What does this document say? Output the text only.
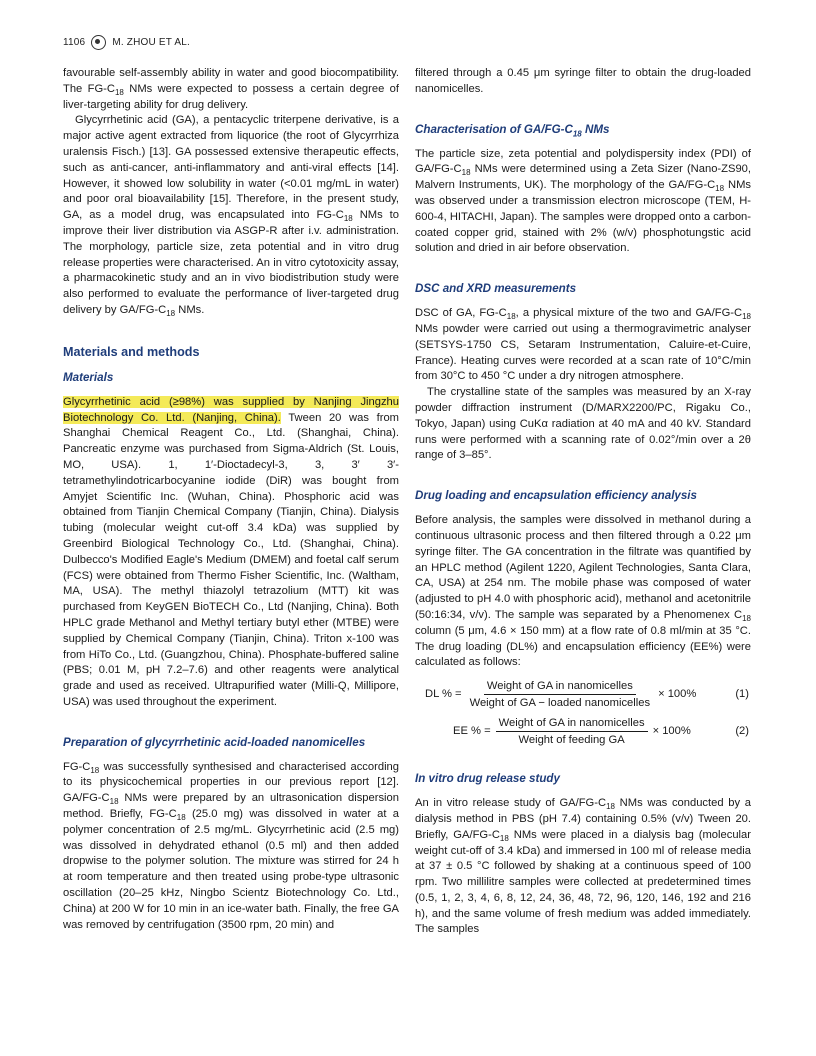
1106	M. ZHOU ET AL.

favourable self-assembly ability in water and good biocompatibility. The $FG-C_{18}$ NMs were expected to possess a certain degree of liver-targeting ability for drug delivery.

Glycyrrhetinic acid (GA), a pentacyclic triterpene derivative, is a major active agent extracted from liquorice (the root of Glycyrrhiza uralensis Fisch.) [13]. GA possessed extensive therapeutic effects, such as anti-cancer, anti-inflammatory and anti-viral effects [14]. However, it showed low solubility in water (<0.01 mg/mL in water) and poor oral bioavailability [15]. Therefore, in the present study, GA, as a model drug, was encapsulated into $FG-C_{18}$ NMs to improve their liver distribution via ASGP-R after i.v. administration. The morphology, particle size, zeta potential and in vitro drug release properties were characterised. An in vitro cytotoxicity assay, a pharmacokinetic study and an in vivo biodistribution study were also performed to evaluate the performance of liver-targeted drug delivery by $GA/FG-C_{18}$ NMs.

Materials and methods
Materials

Glycyrrhetinic acid (≥98%) was supplied by Nanjing Jingzhu Biotechnology Co. Ltd. (Nanjing, China). Tween 20 was from Shanghai Chemical Reagent Co., Ltd. (Shanghai, China). Pancreatic enzyme was purchased from Sigma-Aldrich (St. Louis, MO, USA). 1, 1′-Dioctadecyl-3, 3, 3′ 3′-tetramethylindotricarbocyanine iodide (DiR) was bought from Amyjet Scientific Inc. (Wuhan, China). Phosphoric acid was obtained from Tianjin Chemical Company (Tianjin, China). Dialysis tubing (molecular weight cut-off 3.4 kDa) was supplied by Greenbird Biological Technology Co., Ltd. (Shanghai, China). Dulbecco's Modified Eagle's Medium (DMEM) and foetal calf serum (FCS) were obtained from Thermo Fisher Scientific, Inc. (Waltham, MA, USA). The methyl thiazolyl tetrazolium (MTT) kit was purchased from KeyGEN BioTECH Co., Ltd (Nanjing, China). Both HPLC grade Methanol and Methyl tertiary butyl ether (MTBE) were supplied by Chemical Company (Tianjin, China). Triton x-100 was from HiTo Co., Ltd. (Guangzhou, China). Phosphate-buffered saline (PBS; 0.01 M, pH 7.2–7.6) and other reagents were analytical grade and used as received. Ultrapurified water (Milli-Q, Millipore, USA) was used throughout the experiment.

Preparation of glycyrrhetinic acid-loaded nanomicelles

$FG-C_{18}$ was successfully synthesised and characterised according to its physicochemical properties in our previous report [12]. $GA/FG-C_{18}$ NMs were prepared by an ultrasonication dispersion method. Briefly, $FG-C_{18}$ (25.0 mg) was dissolved in water at a polymer concentration of 2.5 mg/mL. Glycyrrhetinic acid (2.5 mg) was dissolved in dehydrated ethanol (0.5 ml) and then added dropwise to the polymer solution. The mixture was stirred for 24 h at room temperature and then treated using probe-type ultrasonic oscillation (20–25 kHz, Ningbo Scientz Biotechnology Co. Ltd., China) at 200 W for 10 min in an ice-water bath. Finally, the free GA was removed by centrifugation (3500 rpm, 20 min) and

filtered through a 0.45 μm syringe filter to obtain the drug-loaded nanomicelles.

Characterisation of $GA/FG-C_{18}$ NMs

The particle size, zeta potential and polydispersity index (PDI) of $GA/FG-C_{18}$ NMs were determined using a Zeta Sizer (Nano-ZS90, Malvern Instruments, UK). The morphology of the $GA/FG-C_{18}$ NMs was observed under a transmission electron microscope (TEM, H-600-4, HITACHI, Japan). The samples were dropped onto a carbon-coated copper grid, stained with 2% (w/v) phosphotungstic acid solution and dried in air before observation.

DSC and XRD measurements

DSC of GA, $FG-C_{18}$, a physical mixture of the two and $GA/FG-C_{18}$ NMs powder were carried out using a thermogravimetric analyser (SETSYS-1750 CS, Setaram Instrumentation, Caluire-et-Cuire, France). Heating curves were recorded at a scan rate of 10°C/min from 30°C to 450 °C under a dry nitrogen atmosphere.

The crystalline state of the samples was measured by an X-ray powder diffraction instrument (D/MARX2200/PC, Rigaku Co., Tokyo, Japan) using CuKα radiation at 40 mA and 40 kV. Standard runs were performed with a scanning rate of 0.02°/min over a 2θ range of 3–85°.

Drug loading and encapsulation efficiency analysis

Before analysis, the samples were dissolved in methanol during a continuous ultrasonic process and then filtered through a 0.22 μm syringe filter. The GA concentration in the filtrate was quantified by an HPLC method (Agilent 1220, Agilent Technologies, Santa Clara, CA, USA) at 254 nm. The mobile phase was composed of water (adjusted to pH 4.0 with phosphoric acid), methanol and acetonitrile (50:16:34, v/v). The sample was separated by a Phenomenex $C_{18}$ column (5 μm, 4.6 × 150 mm) at a flow rate of 0.8 ml/min at 35 °C. The drug loading (DL%) and encapsulation efficiency (EE%) were calculated as follows:

DL % = $\frac{\text{Weight of GA in nanomicelles}}{\text{Weight of GA − loaded nanomicelles}} \times 100\%$	(1)
EE % = $\frac{\text{Weight of GA in nanomicelles}}{\text{Weight of feeding GA}} \times 100\%$	(2)
In vitro drug release study

An in vitro release study of $GA/FG-C_{18}$ NMs was conducted by a dialysis method in PBS (pH 7.4) containing 0.5% (v/v) Tween 20. Briefly, $GA/FG-C_{18}$ NMs were placed in a dialysis bag (molecular weight cut-off of 3.4 kDa) and immersed in 100 ml of release media at 37 ± 0.5 °C followed by shaking at a continuous speed of 100 rpm. Two millilitre samples were collected at predetermined times (0.5, 1, 2, 3, 4, 6, 8, 12, 24, 36, 48, 72, 96, 120, 146, 192 and 216 h), and the same volume of fresh medium was added immediately. The samples
